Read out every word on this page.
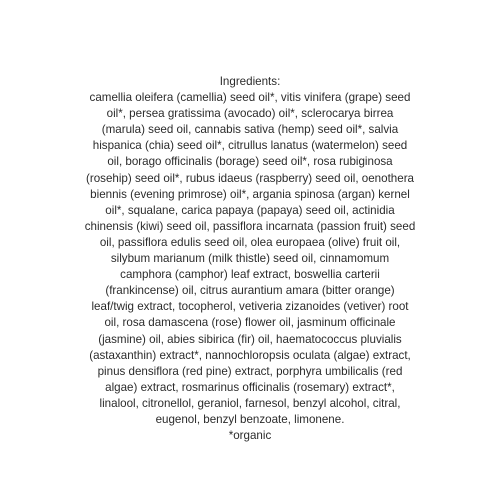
Ingredients:
camellia oleifera (camellia) seed oil*, vitis vinifera (grape) seed
oil*, persea gratissima (avocado) oil*, sclerocarya birrea
(marula) seed oil, cannabis sativa (hemp) seed oil*, salvia
hispanica (chia) seed oil*, citrullus lanatus (watermelon) seed
oil, borago officinalis (borage) seed oil*, rosa rubiginosa
(rosehip) seed oil*, rubus idaeus (raspberry) seed oil, oenothera
biennis (evening primrose) oil*, argania spinosa (argan) kernel
oil*, squalane, carica papaya (papaya) seed oil, actinidia
chinensis (kiwi) seed oil, passiflora incarnata (passion fruit) seed
oil, passiflora edulis seed oil, olea europaea (olive) fruit oil,
silybum marianum (milk thistle) seed oil, cinnamomum
camphora (camphor) leaf extract, boswellia carterii
(frankincense) oil, citrus aurantium amara (bitter orange)
leaf/twig extract, tocopherol, vetiveria zizanoides (vetiver) root
oil, rosa damascena (rose) flower oil, jasminum officinale
(jasmine) oil, abies sibirica (fir) oil, haematococcus pluvialis
(astaxanthin) extract*, nannochloropsis oculata (algae) extract,
pinus densiflora (red pine) extract, porphyra umbilicalis (red
algae) extract, rosmarinus officinalis (rosemary) extract*,
linalool, citronellol, geraniol, farnesol, benzyl alcohol, citral,
eugenol, benzyl benzoate, limonene.
*organic
